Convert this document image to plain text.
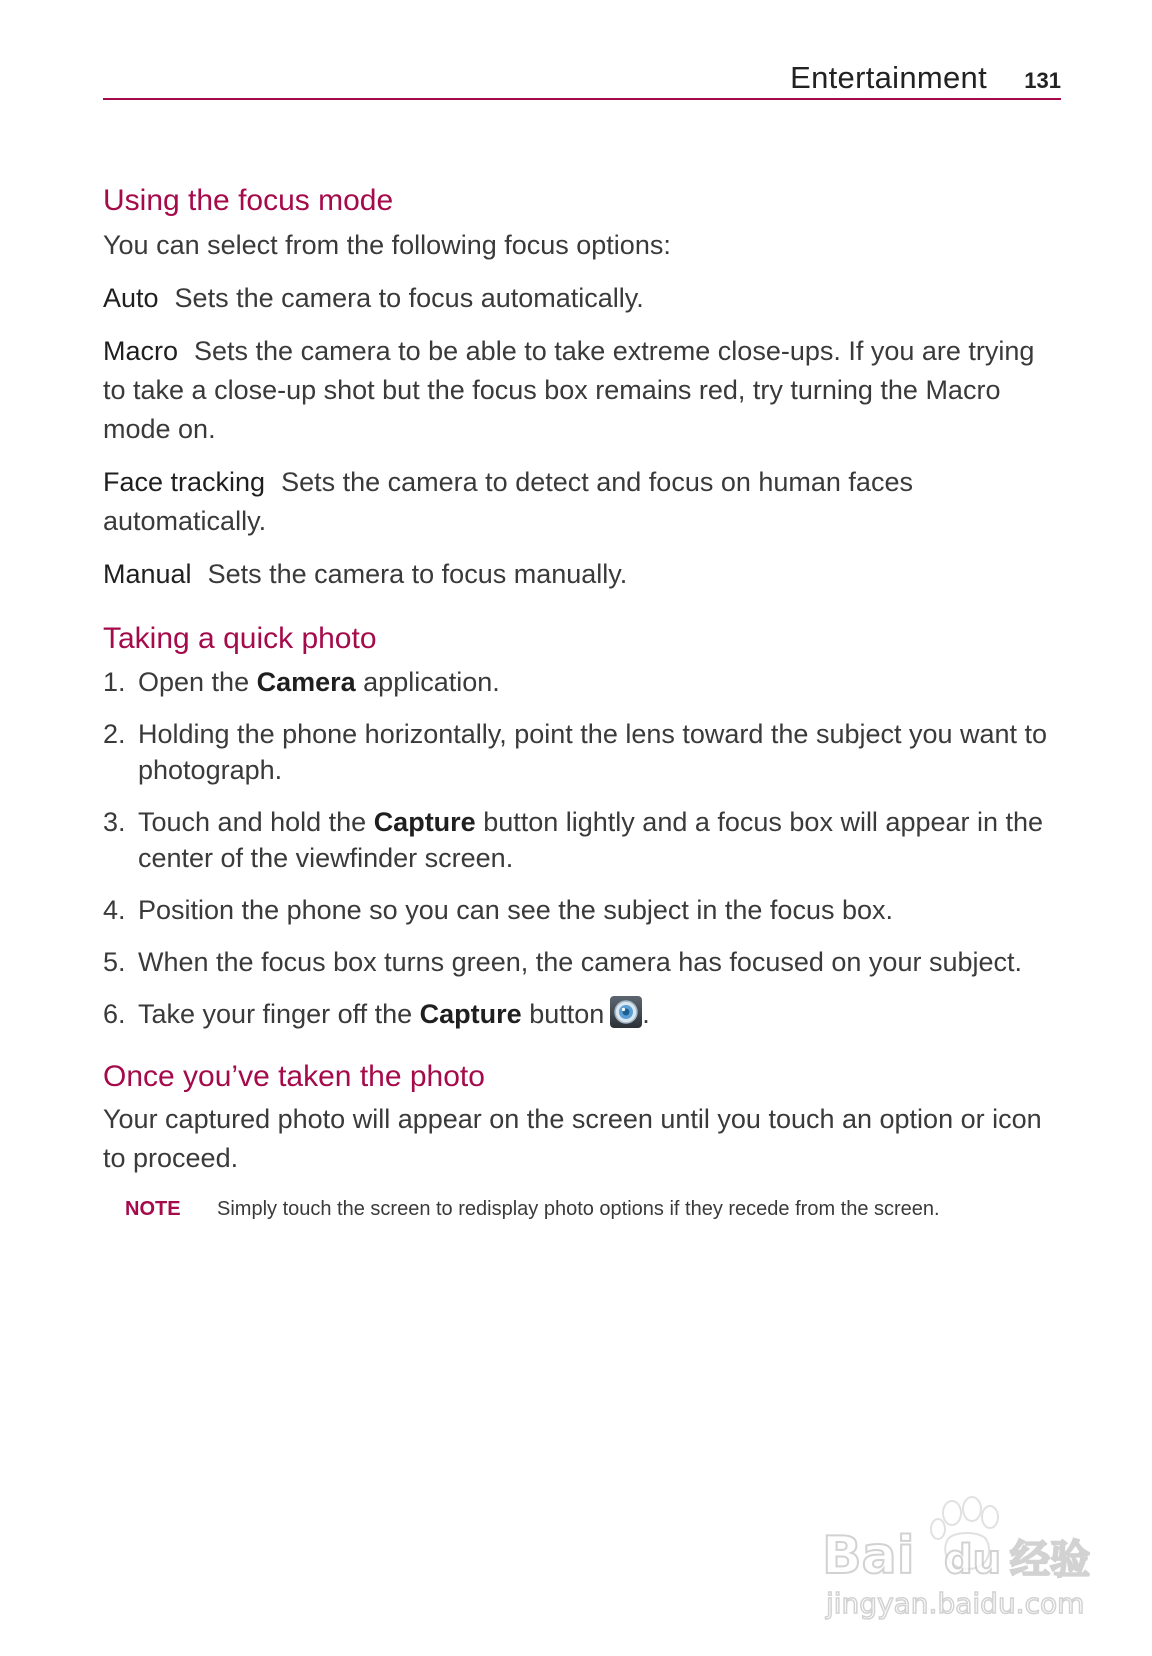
Entertainment 131
Using the focus mode

You can select from the following focus options:

Auto Sets the camera to focus automatically.

Macro Sets the camera to be able to take extreme close-ups. If you are trying to take a close-up shot but the focus box remains red, try turning the Macro mode on.

Face tracking Sets the camera to detect and focus on human faces automatically.

Manual Sets the camera to focus manually.

Taking a quick photo
1. Open the Camera application.
2. Holding the phone horizontally, point the lens toward the subject you want to photograph.
3. Touch and hold the Capture button lightly and a focus box will appear in the center of the viewfinder screen.
4. Position the phone so you can see the subject in the focus box.
5. When the focus box turns green, the camera has focused on your subject.
6. Take your finger off the Capture button .
Once you’ve taken the photo

Your captured photo will appear on the screen until you touch an option or icon to proceed.

NOTE Simply touch the screen to redisplay photo options if they recede from the screen.
Bai du 经验
jingyan.baidu.com
